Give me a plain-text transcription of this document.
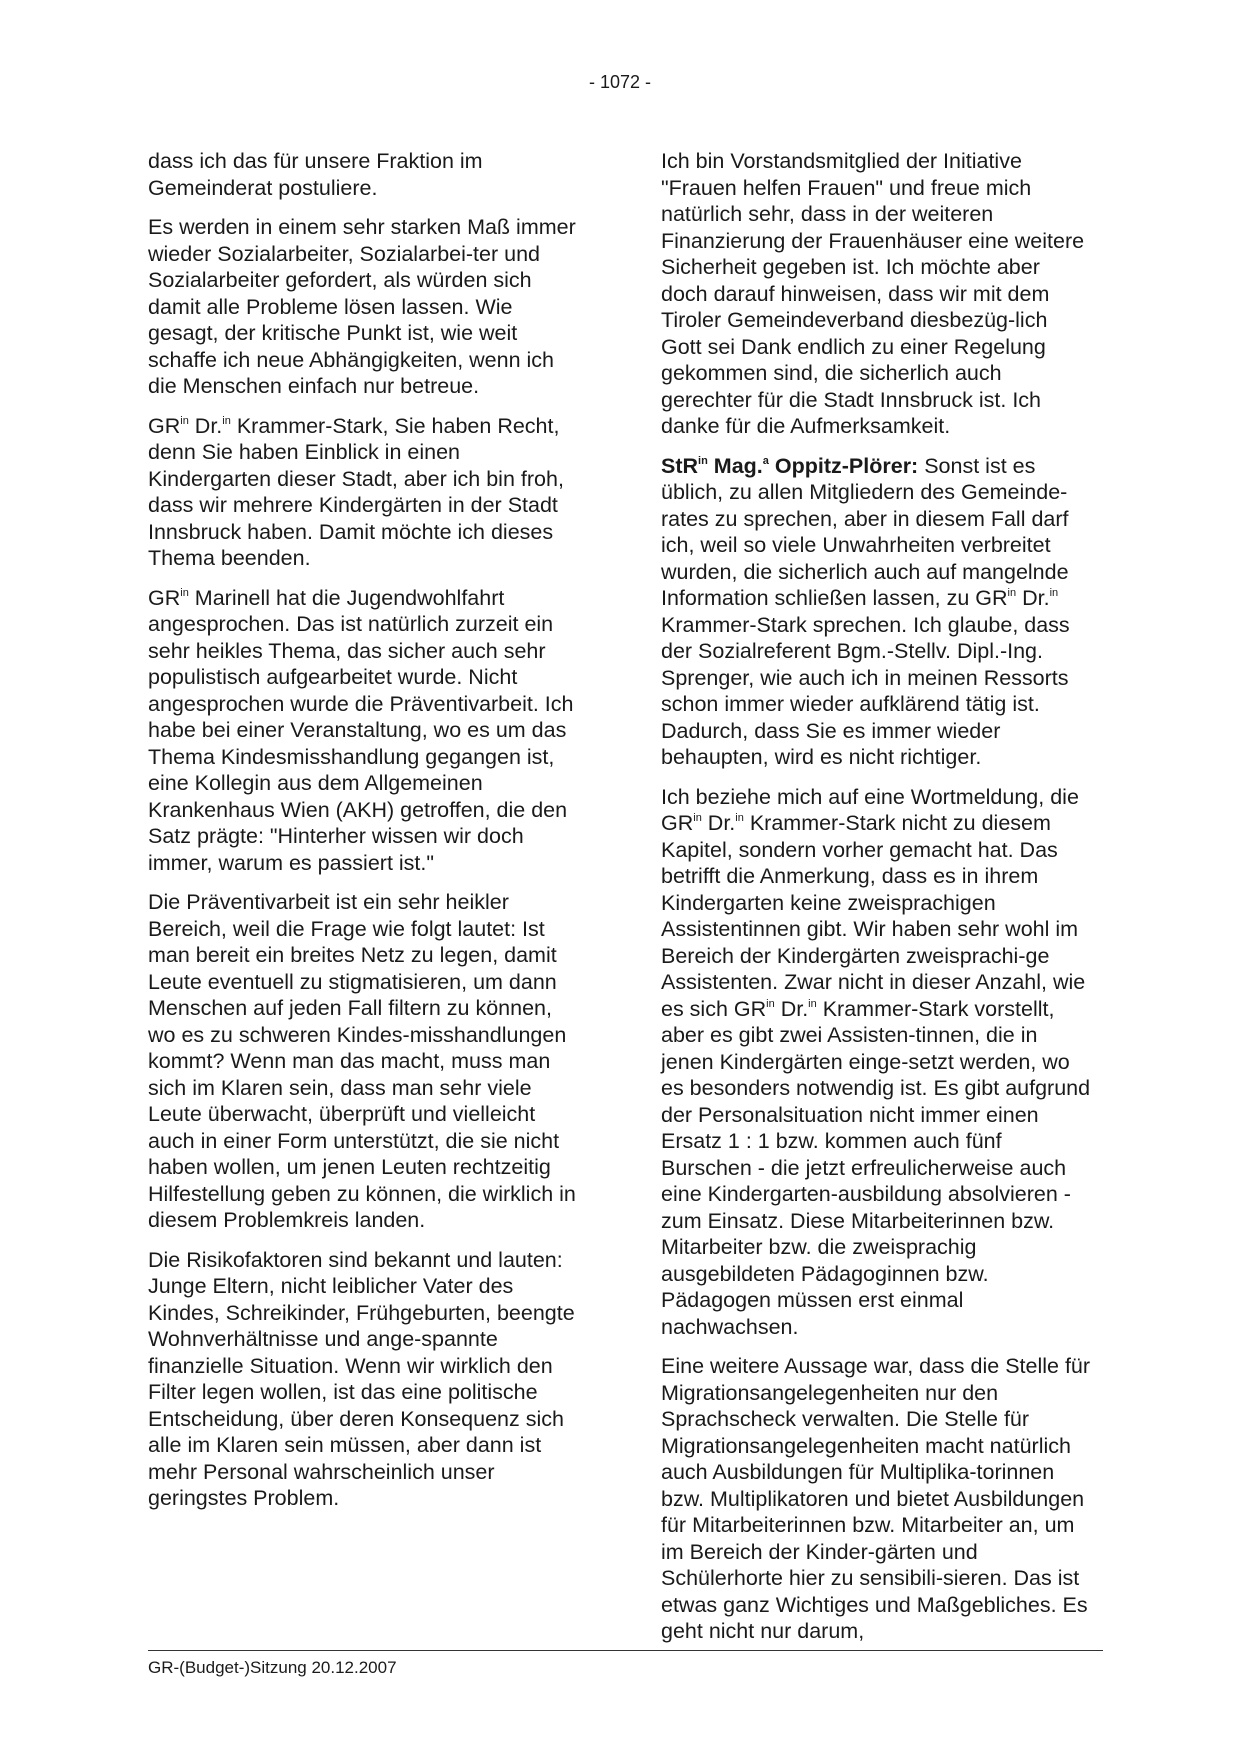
- 1072 -

dass ich das für unsere Fraktion im Gemeinderat postuliere.

Es werden in einem sehr starken Maß immer wieder Sozialarbeiter, Sozialarbei-ter und Sozialarbeiter gefordert, als würden sich damit alle Probleme lösen lassen. Wie gesagt, der kritische Punkt ist, wie weit schaffe ich neue Abhängigkeiten, wenn ich die Menschen einfach nur betreue.

$GR^{in}$ Dr.$^{in}$ Krammer-Stark, Sie haben Recht, denn Sie haben Einblick in einen Kindergarten dieser Stadt, aber ich bin froh, dass wir mehrere Kindergärten in der Stadt Innsbruck haben. Damit möchte ich dieses Thema beenden.

$GR^{in}$ Marinell hat die Jugendwohlfahrt angesprochen. Das ist natürlich zurzeit ein sehr heikles Thema, das sicher auch sehr populistisch aufgearbeitet wurde. Nicht angesprochen wurde die Präventivarbeit. Ich habe bei einer Veranstaltung, wo es um das Thema Kindesmisshandlung gegangen ist, eine Kollegin aus dem Allgemeinen Krankenhaus Wien (AKH) getroffen, die den Satz prägte: "Hinterher wissen wir doch immer, warum es passiert ist."

Die Präventivarbeit ist ein sehr heikler Bereich, weil die Frage wie folgt lautet: Ist man bereit ein breites Netz zu legen, damit Leute eventuell zu stigmatisieren, um dann Menschen auf jeden Fall filtern zu können, wo es zu schweren Kindes-misshandlungen kommt? Wenn man das macht, muss man sich im Klaren sein, dass man sehr viele Leute überwacht, überprüft und vielleicht auch in einer Form unterstützt, die sie nicht haben wollen, um jenen Leuten rechtzeitig Hilfestellung geben zu können, die wirklich in diesem Problemkreis landen.

Die Risikofaktoren sind bekannt und lauten: Junge Eltern, nicht leiblicher Vater des Kindes, Schreikinder, Frühgeburten, beengte Wohnverhältnisse und ange-spannte finanzielle Situation. Wenn wir wirklich den Filter legen wollen, ist das eine politische Entscheidung, über deren Konsequenz sich alle im Klaren sein müssen, aber dann ist mehr Personal wahrscheinlich unser geringstes Problem.

Ich bin Vorstandsmitglied der Initiative "Frauen helfen Frauen" und freue mich natürlich sehr, dass in der weiteren Finanzierung der Frauenhäuser eine weitere Sicherheit gegeben ist. Ich möchte aber doch darauf hinweisen, dass wir mit dem Tiroler Gemeindeverband diesbezüg-lich Gott sei Dank endlich zu einer Regelung gekommen sind, die sicherlich auch gerechter für die Stadt Innsbruck ist. Ich danke für die Aufmerksamkeit.

StR$^{in}$ Mag.$^a$ Oppitz-Plörer: Sonst ist es üblich, zu allen Mitgliedern des Gemeinde-rates zu sprechen, aber in diesem Fall darf ich, weil so viele Unwahrheiten verbreitet wurden, die sicherlich auch auf mangelnde Information schließen lassen, zu $GR^{in}$ Dr.$^{in}$ Krammer-Stark sprechen. Ich glaube, dass der Sozialreferent Bgm.-Stellv. Dipl.-Ing. Sprenger, wie auch ich in meinen Ressorts schon immer wieder aufklärend tätig ist. Dadurch, dass Sie es immer wieder behaupten, wird es nicht richtiger.

Ich beziehe mich auf eine Wortmeldung, die $GR^{in}$ Dr.$^{in}$ Krammer-Stark nicht zu diesem Kapitel, sondern vorher gemacht hat. Das betrifft die Anmerkung, dass es in ihrem Kindergarten keine zweisprachigen Assistentinnen gibt. Wir haben sehr wohl im Bereich der Kindergärten zweisprachi-ge Assistenten. Zwar nicht in dieser Anzahl, wie es sich $GR^{in}$ Dr.$^{in}$ Krammer-Stark vorstellt, aber es gibt zwei Assisten-tinnen, die in jenen Kindergärten einge-setzt werden, wo es besonders notwendig ist. Es gibt aufgrund der Personalsituation nicht immer einen Ersatz 1 : 1 bzw. kommen auch fünf Burschen - die jetzt erfreulicherweise auch eine Kindergarten-ausbildung absolvieren - zum Einsatz. Diese Mitarbeiterinnen bzw. Mitarbeiter bzw. die zweisprachig ausgebildeten Pädagoginnen bzw. Pädagogen müssen erst einmal nachwachsen.

Eine weitere Aussage war, dass die Stelle für Migrationsangelegenheiten nur den Sprachscheck verwalten. Die Stelle für Migrationsangelegenheiten macht natürlich auch Ausbildungen für Multiplika-torinnen bzw. Multiplikatoren und bietet Ausbildungen für Mitarbeiterinnen bzw. Mitarbeiter an, um im Bereich der Kinder-gärten und Schülerhorte hier zu sensibili-sieren. Das ist etwas ganz Wichtiges und Maßgebliches. Es geht nicht nur darum,

GR-(Budget-)Sitzung 20.12.2007
